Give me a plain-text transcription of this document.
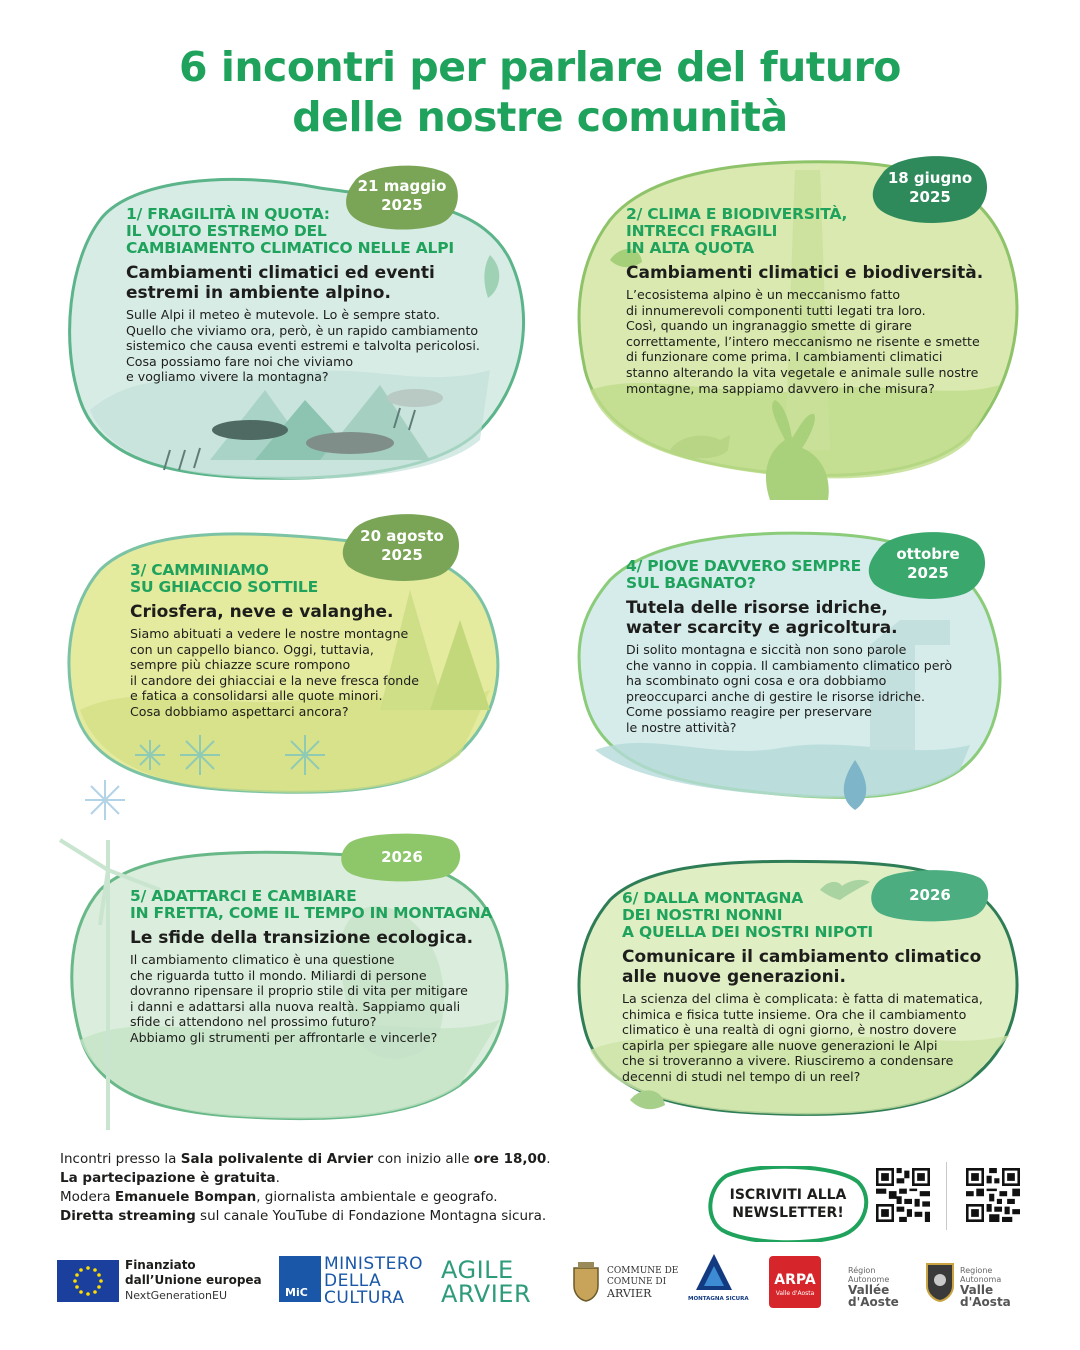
6 incontri per parlare del futuro
delle nostre comunità
21 maggio
2025
1/ FRAGILITÀ IN QUOTA:
IL VOLTO ESTREMO DEL
CAMBIAMENTO CLIMATICO NELLE ALPI
Cambiamenti climatici ed eventi
estremi in ambiente alpino.
Sulle Alpi il meteo è mutevole. Lo è sempre stato.
Quello che viviamo ora, però, è un rapido cambiamento
sistemico che causa eventi estremi e talvolta pericolosi.
Cosa possiamo fare noi che viviamo
e vogliamo vivere la montagna?
18 giugno
2025
2/ CLIMA E BIODIVERSITÀ,
INTRECCI FRAGILI
IN ALTA QUOTA
Cambiamenti climatici e biodiversità.
L’ecosistema alpino è un meccanismo fatto
di innumerevoli componenti tutti legati tra loro.
Così, quando un ingranaggio smette di girare
correttamente, l’intero meccanismo ne risente e smette
di funzionare come prima. I cambiamenti climatici
stanno alterando la vita vegetale e animale sulle nostre
montagne, ma sappiamo davvero in che misura?
20 agosto
2025
3/ CAMMINIAMO
SU GHIACCIO SOTTILE
Criosfera, neve e valanghe.
Siamo abituati a vedere le nostre montagne
con un cappello bianco. Oggi, tuttavia,
sempre più chiazze scure rompono
il candore dei ghiacciai e la neve fresca fonde
e fatica a consolidarsi alle quote minori.
Cosa dobbiamo aspettarci ancora?
ottobre
2025
4/ PIOVE DAVVERO SEMPRE
SUL BAGNATO?
Tutela delle risorse idriche,
water scarcity e agricoltura.
Di solito montagna e siccità non sono parole
che vanno in coppia. Il cambiamento climatico però
ha scombinato ogni cosa e ora dobbiamo
preoccuparci anche di gestire le risorse idriche.
Come possiamo reagire per preservare
le nostre attività?
2026
5/ ADATTARCI E CAMBIARE
IN FRETTA, COME IL TEMPO IN MONTAGNA
Le sfide della transizione ecologica.
Il cambiamento climatico è una questione
che riguarda tutto il mondo. Miliardi di persone
dovranno ripensare il proprio stile di vita per mitigare
i danni e adattarsi alla nuova realtà. Sappiamo quali
sfide ci attendono nel prossimo futuro?
Abbiamo gli strumenti per affrontarle e vincerle?
2026
6/ DALLA MONTAGNA
DEI NOSTRI NONNI
A QUELLA DEI NOSTRI NIPOTI
Comunicare il cambiamento climatico
alle nuove generazioni.
La scienza del clima è complicata: è fatta di matematica,
chimica e fisica tutte insieme. Ora che il cambiamento
climatico è una realtà di ogni giorno, è nostro dovere
capirla per spiegare alle nuove generazioni le Alpi
che si troveranno a vivere. Riusciremo a condensare
decenni di studi nel tempo di un reel?
Incontri presso la Sala polivalente di Arvier con inizio alle ore 18,00.
La partecipazione è gratuita.
Modera Emanuele Bompan, giornalista ambientale e geografo.
Diretta streaming sul canale YouTube di Fondazione Montagna sicura.
ISCRIVITI ALLA
NEWSLETTER!
Finanziato
dall’Unione europea
NextGenerationEU	MiC
MINISTERO
DELLA
CULTURA
AGILE
ARVIER
COMMUNE DE
COMUNE DI
ARVIER	MONTAGNA SICURA
ARPA
Valle d'Aosta
Région Autonome
Vallée d'Aoste
Regione Autonoma
Valle d'Aosta
